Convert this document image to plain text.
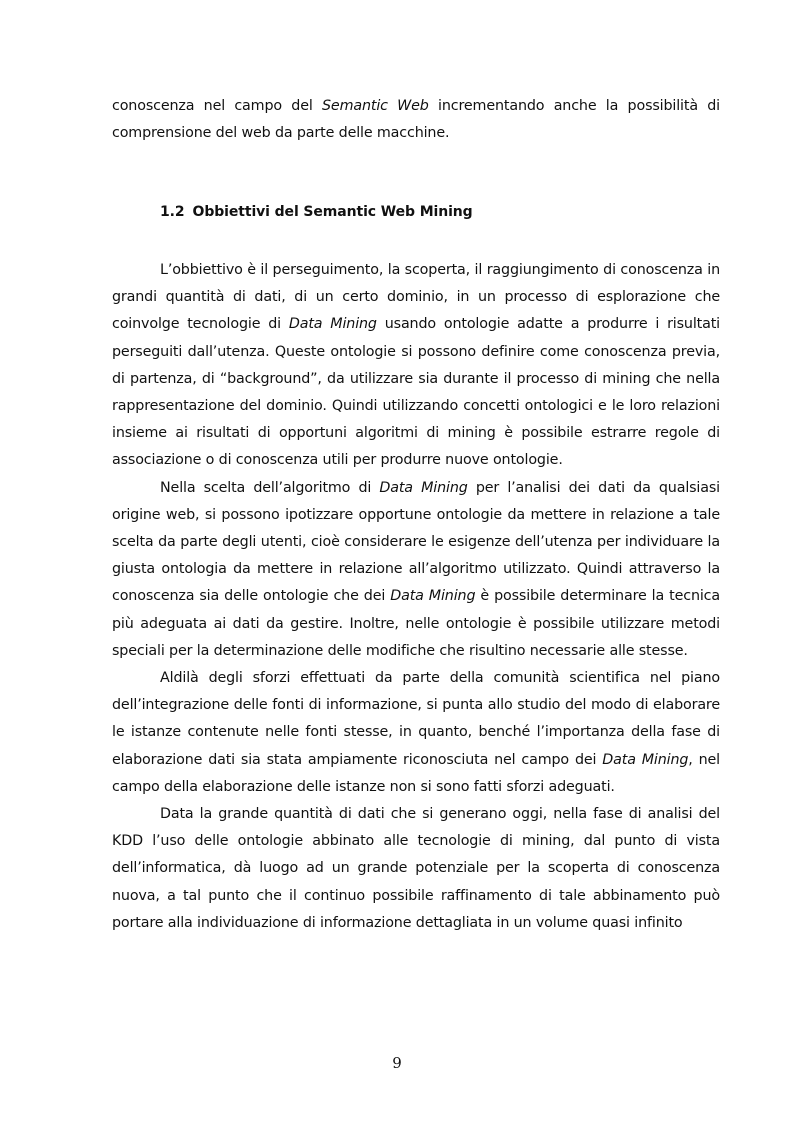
conoscenza nel campo del Semantic Web incrementando anche la possibilità di comprensione del web da parte delle macchine.

1.2 Obbiettivi del Semantic Web Mining

L’obbiettivo è il perseguimento, la scoperta, il raggiungimento di conoscenza in grandi quantità di dati, di un certo dominio, in un processo di esplorazione che coinvolge tecnologie di Data Mining usando ontologie adatte a produrre i risultati perseguiti dall’utenza. Queste ontologie si possono definire come conoscenza previa, di partenza, di “background”, da utilizzare sia durante il processo di mining che nella rappresentazione del dominio. Quindi utilizzando concetti ontologici e le loro relazioni insieme ai risultati di opportuni algoritmi di mining è possibile estrarre regole di associazione o di conoscenza utili per produrre nuove ontologie.

Nella scelta dell’algoritmo di Data Mining per l’analisi dei dati da qualsiasi origine web, si possono ipotizzare opportune ontologie da mettere in relazione a tale scelta da parte degli utenti, cioè considerare le esigenze dell’utenza per individuare la giusta ontologia da mettere in relazione all’algoritmo utilizzato. Quindi attraverso la conoscenza sia delle ontologie che dei Data Mining è possibile determinare la tecnica più adeguata ai dati da gestire. Inoltre, nelle ontologie è possibile utilizzare metodi speciali per la determinazione delle modifiche che risultino necessarie alle stesse.

Aldilà degli sforzi effettuati da parte della comunità scientifica nel piano dell’integrazione delle fonti di informazione, si punta allo studio del modo di elaborare le istanze contenute nelle fonti stesse, in quanto, benché l’importanza della fase di elaborazione dati sia stata ampiamente riconosciuta nel campo dei Data Mining, nel campo della elaborazione delle istanze non si sono fatti sforzi adeguati.

Data la grande quantità di dati che si generano oggi, nella fase di analisi del KDD l’uso delle ontologie abbinato alle tecnologie di mining, dal punto di vista dell’informatica, dà luogo ad un grande potenziale per la scoperta di conoscenza nuova, a tal punto che il continuo possibile raffinamento di tale abbinamento può portare alla individuazione di informazione dettagliata in un volume quasi infinito

9
